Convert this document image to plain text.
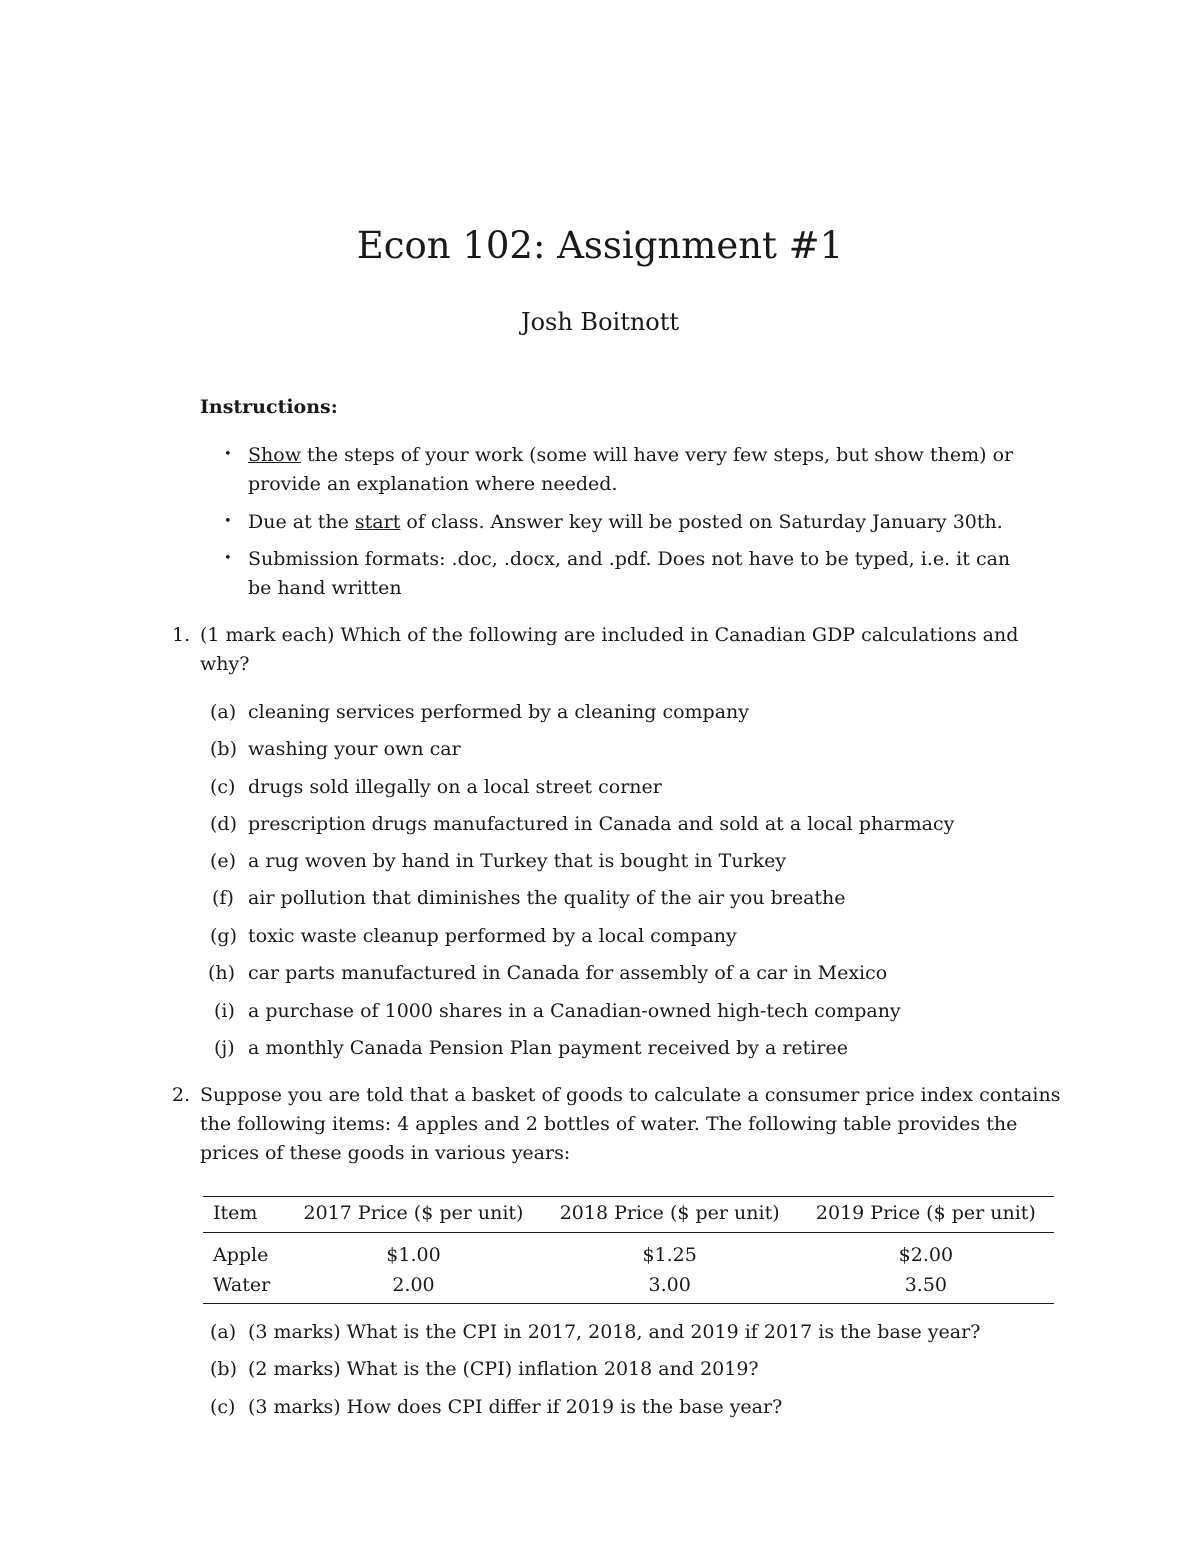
Econ 102: Assignment #1
Josh Boitnott
Instructions:
• Show the steps of your work (some will have very few steps, but show them) or
provide an explanation where needed.
• Due at the start of class. Answer key will be posted on Saturday January 30th.
• Submission formats: .doc, .docx, and .pdf. Does not have to be typed, i.e. it can
be hand written
1. (1 mark each) Which of the following are included in Canadian GDP calculations and
why?
(a) cleaning services performed by a cleaning company
(b) washing your own car
(c) drugs sold illegally on a local street corner
(d) prescription drugs manufactured in Canada and sold at a local pharmacy
(e) a rug woven by hand in Turkey that is bought in Turkey
(f) air pollution that diminishes the quality of the air you breathe
(g) toxic waste cleanup performed by a local company
(h) car parts manufactured in Canada for assembly of a car in Mexico
(i) a purchase of 1000 shares in a Canadian-owned high-tech company
(j) a monthly Canada Pension Plan payment received by a retiree
2. Suppose you are told that a basket of goods to calculate a consumer price index contains
the following items: 4 apples and 2 bottles of water. The following table provides the
prices of these goods in various years:
Item	2017 Price ($ per unit)	2018 Price ($ per unit)	2019 Price ($ per unit)
Apple	$1.00	$1.25	$2.00
Water	2.00	3.00	3.50
(a) (3 marks) What is the CPI in 2017, 2018, and 2019 if 2017 is the base year?
(b) (2 marks) What is the (CPI) inflation 2018 and 2019?
(c) (3 marks) How does CPI differ if 2019 is the base year?
